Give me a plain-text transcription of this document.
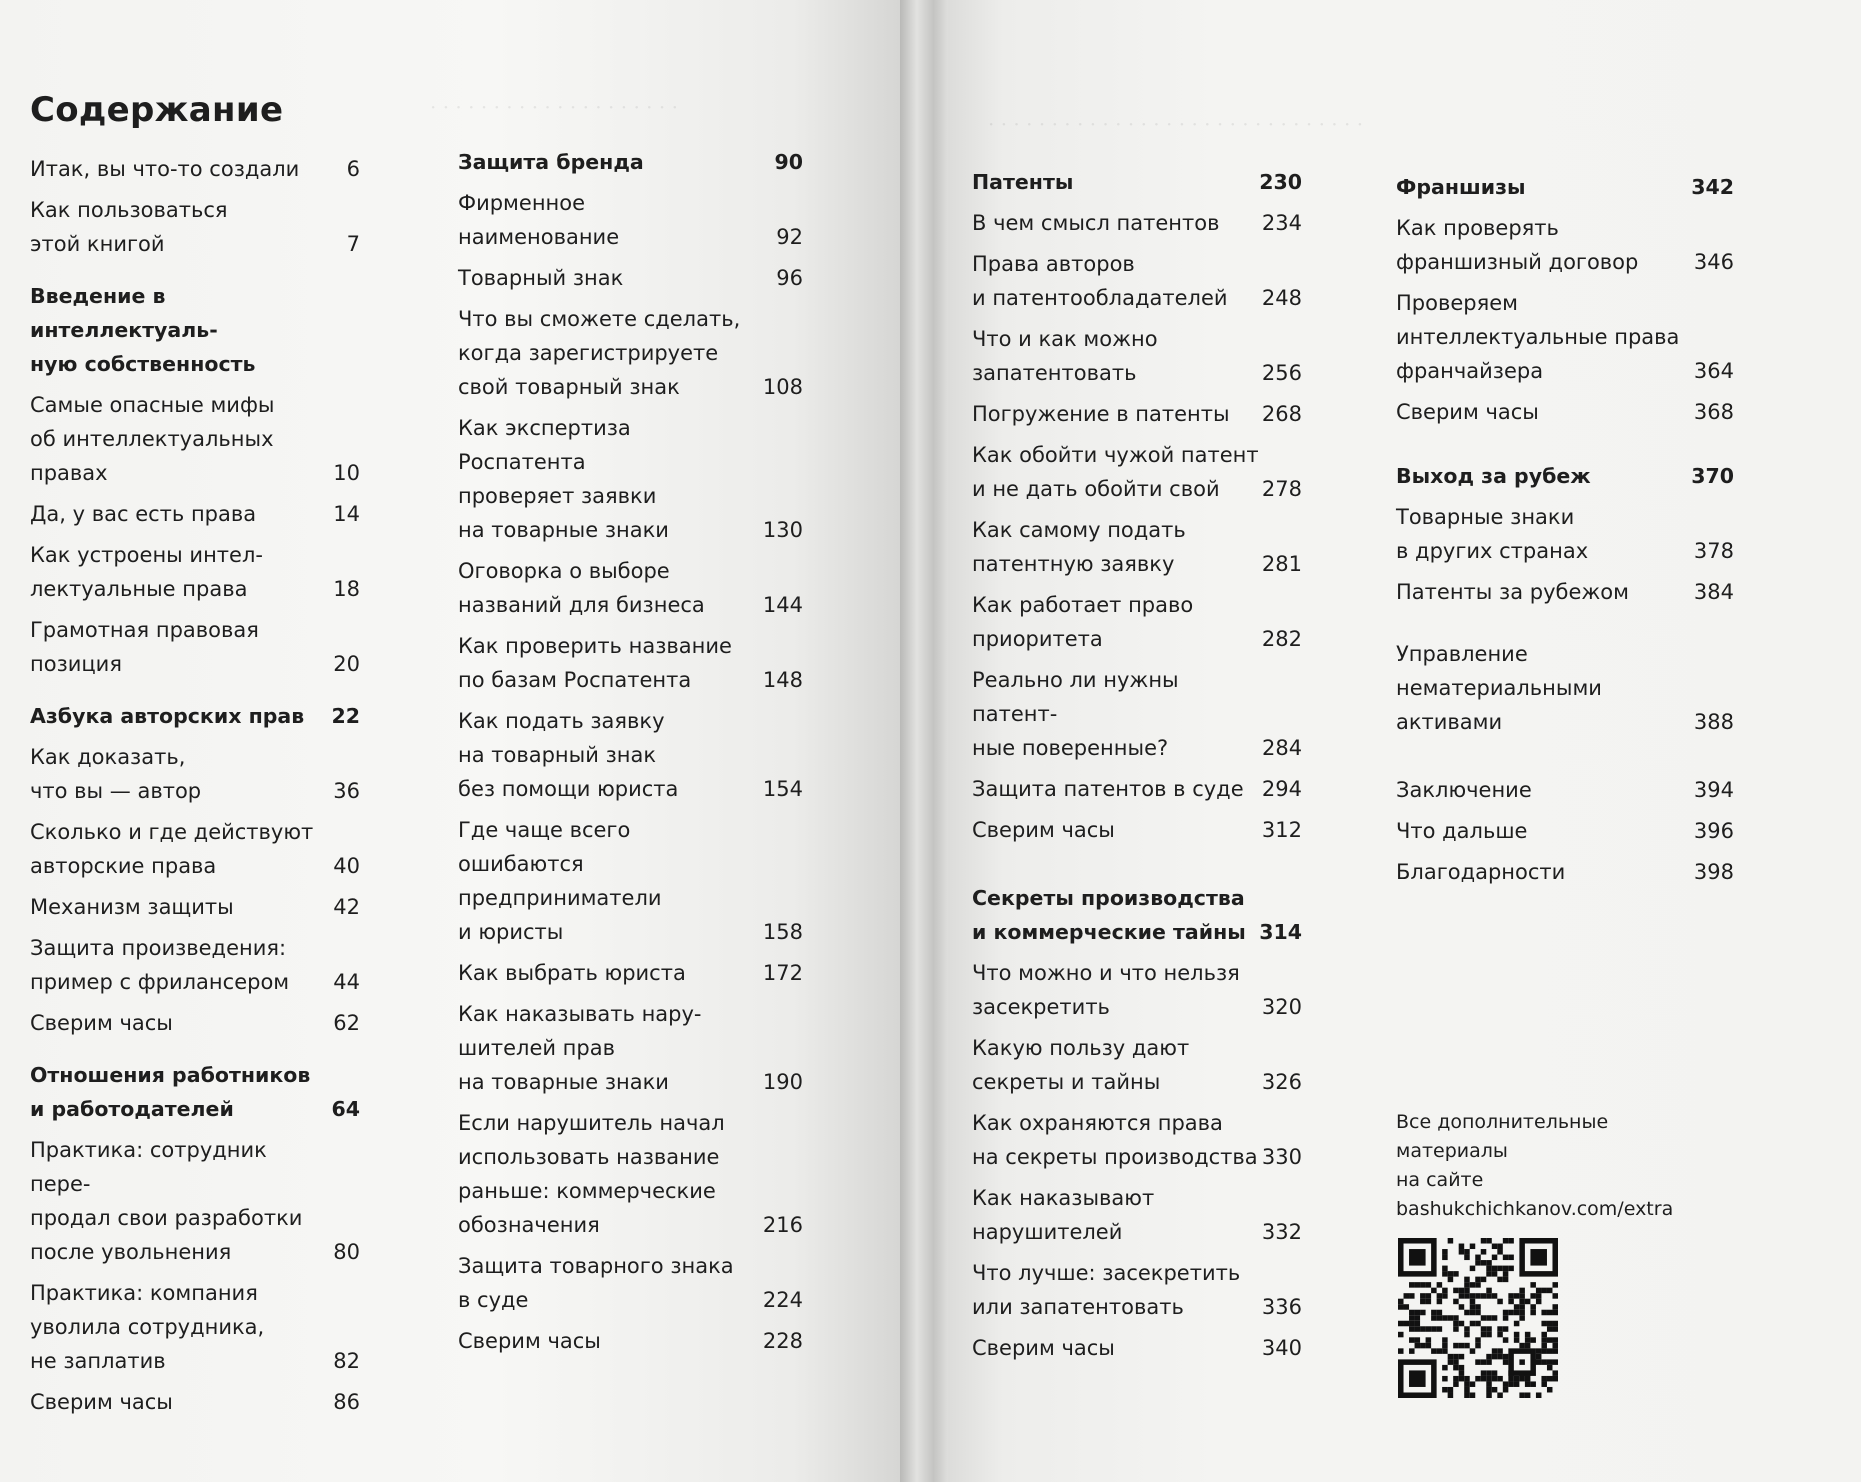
· · · · · · · · · · · · · · · · · · · ·
Содержание
Итак, вы что-то создали	6
Как пользоваться
этой книгой	7
Введение в интеллектуаль-
ную собственность
Самые опасные мифы
об интеллектуальных
правах	10
Да, у вас есть права	14
Как устроены интел-
лектуальные права	18
Грамотная правовая
позиция	20
Азбука авторских прав	22
Как доказать,
что вы — автор	36
Сколько и где действуют
авторские права	40
Механизм защиты	42
Защита произведения:
пример с фрилансером	44
Сверим часы	62
Отношения работников
и работодателей	64
Практика: сотрудник пере-
продал свои разработки
после увольнения	80
Практика: компания
уволила сотрудника,
не заплатив	82
Сверим часы	86
Защита бренда	90
Фирменное
наименование	92
Товарный знак	96
Что вы сможете сделать,
когда зарегистрируете
свой товарный знак	108
Как экспертиза Роспатента
проверяет заявки
на товарные знаки	130
Оговорка о выборе
названий для бизнеса	144
Как проверить название
по базам Роспатента	148
Как подать заявку
на товарный знак
без помощи юриста	154
Где чаще всего ошибаются
предприниматели
и юристы	158
Как выбрать юриста	172
Как наказывать нару-
шителей прав
на товарные знаки	190
Если нарушитель начал
использовать название
раньше: коммерческие
обозначения	216
Защита товарного знака
в суде	224
Сверим часы	228
· · · · · · · · · · · · · · · · · · · · · · · · · · · · · ·
Патенты	230
В чем смысл патентов 234
Права авторов
и патентообладателей 248
Что и как можно
запатентовать	256
Погружение в патенты 268
Как обойти чужой патент
и не дать обойти свой	278
Как самому подать
патентную заявку	281
Как работает право
приоритета	282
Реально ли нужны патент-
ные поверенные?	284
Защита патентов в суде 294
Сверим часы	312
Секреты производства
и коммерческие тайны 314
Что можно и что нельзя
засекретить	320
Какую пользу дают
секреты и тайны	326
Как охраняются права
на секреты производства 330
Как наказывают
нарушителей	332
Что лучше: засекретить
или запатентовать	336
Сверим часы	340
Франшизы	342
Как проверять
франшизный договор	346
Проверяем
интеллектуальные права
франчайзера	364
Сверим часы	368
Выход за рубеж	370
Товарные знаки
в других странах	378
Патенты за рубежом	384
Управление
нематериальными
активами	388
Заключение	394
Что дальше	396
Благодарности	398
Все дополнительные
материалы
на сайте
bashukchichkanov.com/extra
